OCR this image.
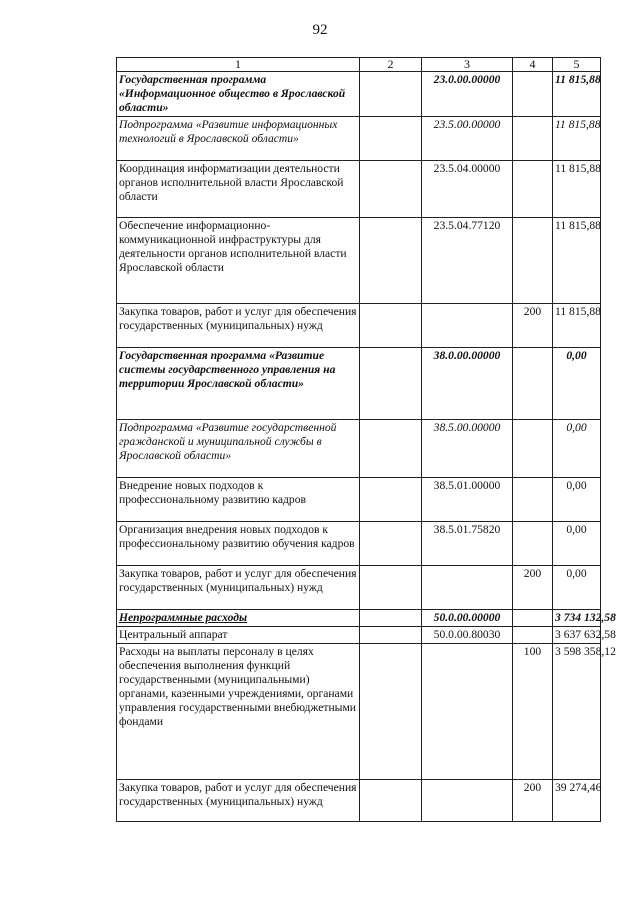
92
1	2	3	4	5
Государственная программа «Информационное общество в Ярославской области»		23.0.00.00000		11 815,88
Подпрограмма «Развитие информационных технологий в Ярославской области»		23.5.00.00000		11 815,88
Координация информатизации деятельности органов исполнительной власти Ярославской области		23.5.04.00000		11 815,88
Обеспечение информационно-коммуникационной инфраструктуры для деятельности органов исполнительной власти Ярославской области		23.5.04.77120		11 815,88
Закупка товаров, работ и услуг для обеспечения государственных (муниципальных) нужд			200	11 815,88
Государственная программа «Развитие системы государственного управления на территории Ярославской области»		38.0.00.00000		0,00
Подпрограмма «Развитие государственной гражданской и муниципальной службы в Ярославской области»		38.5.00.00000		0,00
Внедрение новых подходов к профессиональному развитию кадров		38.5.01.00000		0,00
Организация внедрения новых подходов к профессиональному развитию обучения кадров		38.5.01.75820		0,00
Закупка товаров, работ и услуг для обеспечения государственных (муниципальных) нужд			200	0,00
Непрограммные расходы		50.0.00.00000		3 734 132,58
Центральный аппарат		50.0.00.80030		3 637 632,58
Расходы на выплаты персоналу в целях обеспечения выполнения функций государственными (муниципальными) органами, казенными учреждениями, органами управления государственными внебюджетными фондами			100	3 598 358,12
Закупка товаров, работ и услуг для обеспечения государственных (муниципальных) нужд			200	39 274,46
